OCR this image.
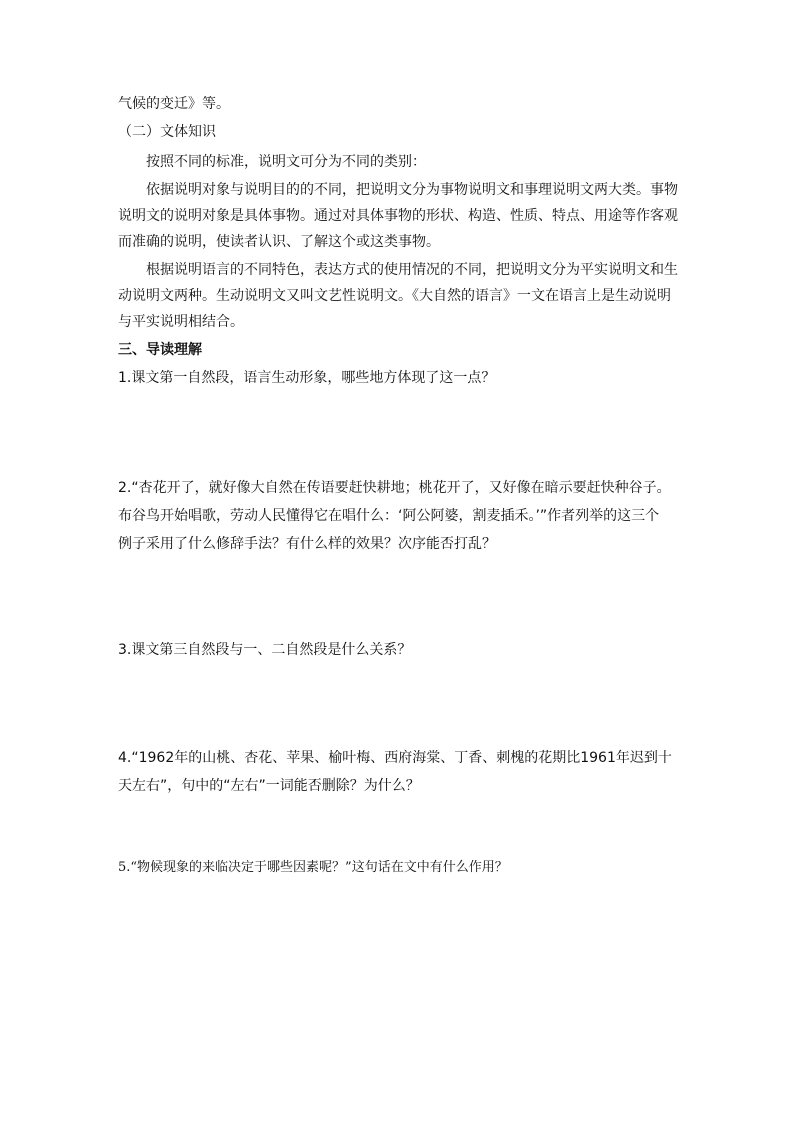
气候的变迁》等。
（二）文体知识
按照不同的标准，说明文可分为不同的类别：
依据说明对象与说明目的的不同，把说明文分为事物说明文和事理说明文两大类。事物
说明文的说明对象是具体事物。通过对具体事物的形状、构造、性质、特点、用途等作客观
而准确的说明，使读者认识、了解这个或这类事物。
根据说明语言的不同特色，表达方式的使用情况的不同，把说明文分为平实说明文和生
动说明文两种。生动说明文又叫文艺性说明文。《大自然的语言》一文在语言上是生动说明
与平实说明相结合。
三、导读理解
1.课文第一自然段，语言生动形象，哪些地方体现了这一点？
2.“杏花开了，就好像大自然在传语要赶快耕地；桃花开了，又好像在暗示要赶快种谷子。
布谷鸟开始唱歌，劳动人民懂得它在唱什么：‘阿公阿婆，割麦插禾。’”作者列举的这三个
例子采用了什么修辞手法？有什么样的效果？次序能否打乱？
3.课文第三自然段与一、二自然段是什么关系？
4.“1962年的山桃、杏花、苹果、榆叶梅、西府海棠、丁香、刺槐的花期比1961年迟到十
天左右”，句中的“左右”一词能否删除？为什么？
5.“物候现象的来临决定于哪些因素呢？”这句话在文中有什么作用？
